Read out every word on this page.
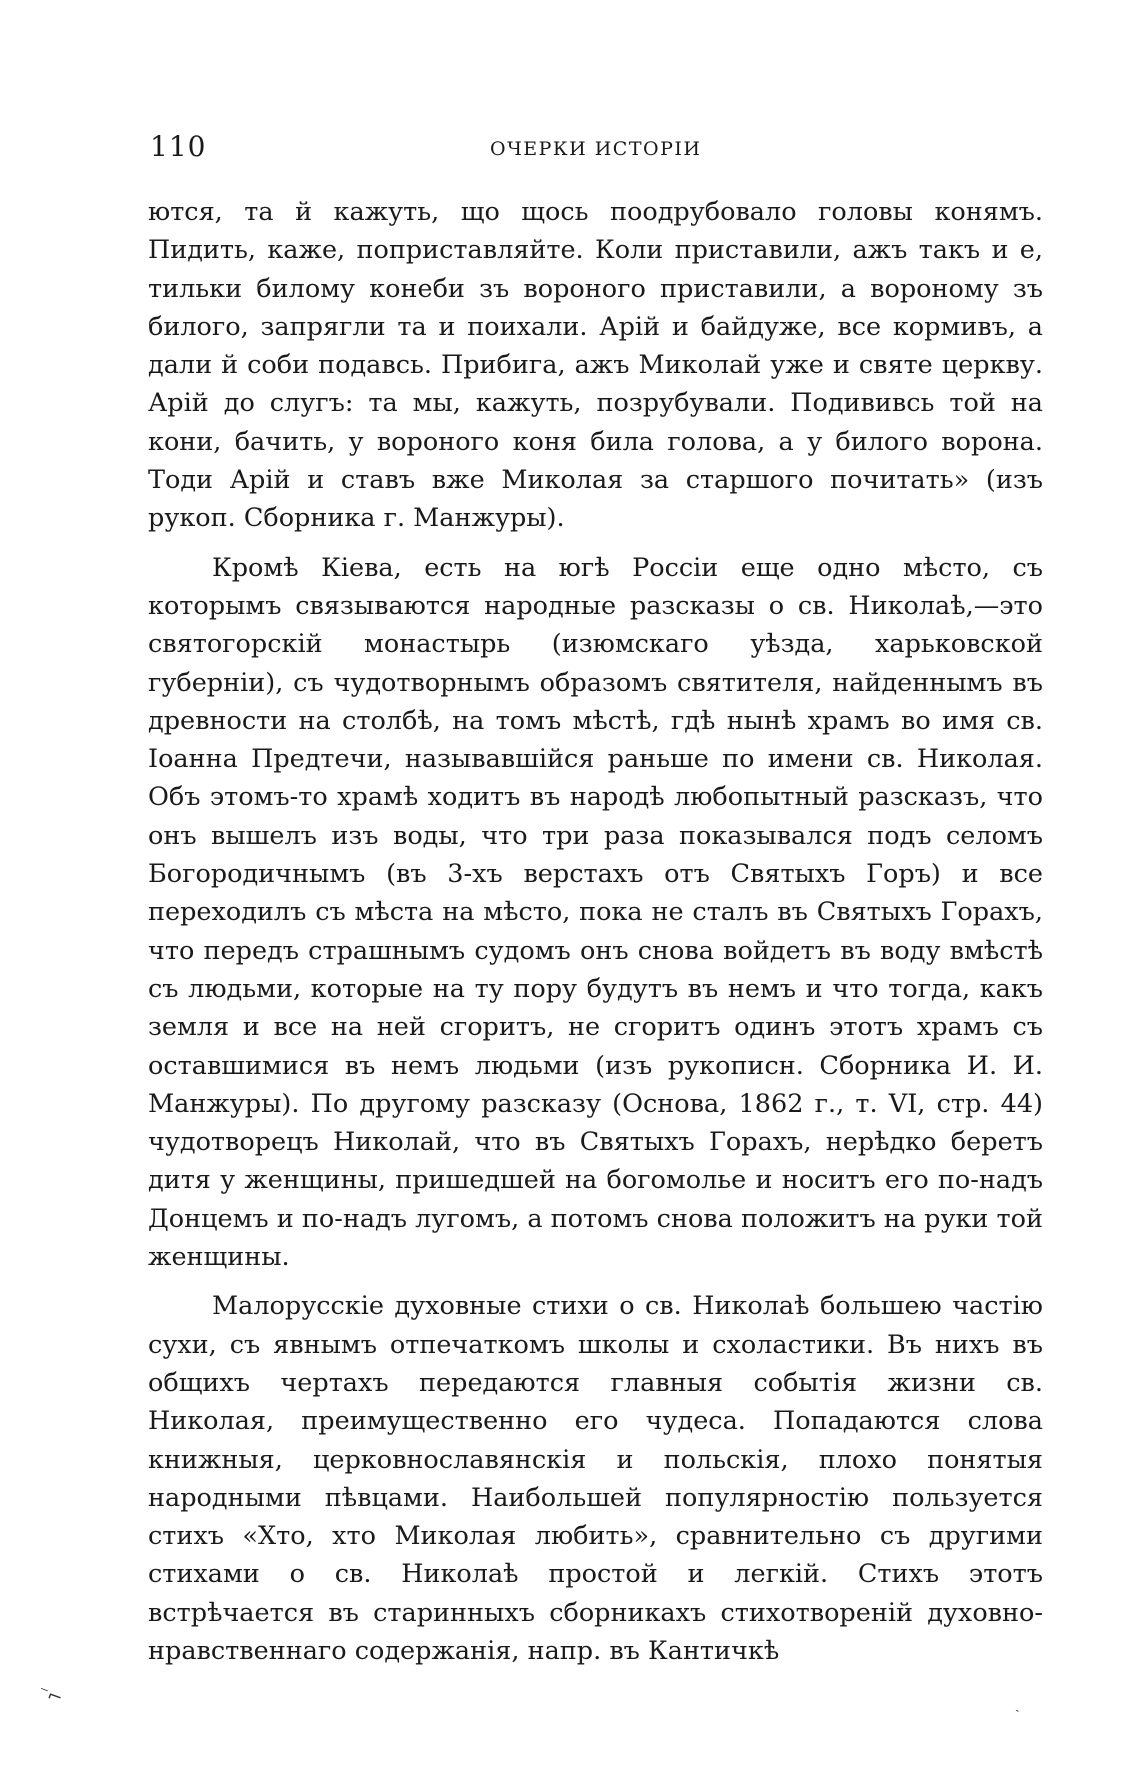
110	ОЧЕРКИ ИСТОРІИ

ются, та й кажуть, що щось поодрубовало головы конямъ. Пидить, каже, поприставляйте. Коли приставили, ажъ такъ и е, тильки билому конеби зъ вороного приставили, а вороному зъ билого, запрягли та и поихали. Арій и байдуже, все кормивъ, а дали й соби подавсь. Прибига, ажъ Миколай уже и святе церкву. Арій до слугъ: та мы, кажуть, позрубували. Подививсь той на кони, бачить, у вороного коня била голова, а у билого ворона. Тоди Арій и ставъ вже Миколая за старшого почитать» (изъ рукоп. Сборника г. Манжуры).

Кромѣ Кіева, есть на югѣ Россіи еще одно мѣсто, съ которымъ связываются народные разсказы о св. Николаѣ,—это святогорскій монастырь (изюмскаго уѣзда, харьковской губерніи), съ чудотворнымъ образомъ святителя, найденнымъ въ древности на столбѣ, на томъ мѣстѣ, гдѣ нынѣ храмъ во имя св. Іоанна Предтечи, называвшійся раньше по имени св. Николая. Объ этомъ-то храмѣ ходитъ въ народѣ любопытный разсказъ, что онъ вышелъ изъ воды, что три раза показывался подъ селомъ Богородичнымъ (въ 3-хъ верстахъ отъ Святыхъ Горъ) и все переходилъ съ мѣста на мѣсто, пока не сталъ въ Святыхъ Горахъ, что передъ страшнымъ судомъ онъ снова войдетъ въ воду вмѣстѣ съ людьми, которые на ту пору будутъ въ немъ и что тогда, какъ земля и все на ней сгоритъ, не сгоритъ одинъ этотъ храмъ съ оставшимися въ немъ людьми (изъ рукописн. Сборника И. И. Манжуры). По другому разсказу (Основа, 1862 г., т. VI, стр. 44) чудотворецъ Николай, что въ Святыхъ Горахъ, нерѣдко беретъ дитя у женщины, пришедшей на богомолье и носитъ его по-надъ Донцемъ и по-надъ лугомъ, а потомъ снова положитъ на руки той женщины.

Малорусскіе духовные стихи о св. Николаѣ большею частію сухи, съ явнымъ отпечаткомъ школы и схоластики. Въ нихъ въ общихъ чертахъ передаются главныя событія жизни св. Николая, преимущественно его чудеса. Попадаются слова книжныя, церковнославянскія и польскія, плохо понятыя народными пѣвцами. Наибольшей популярностію пользуется стихъ «Хто, хто Миколая любить», сравнительно съ другими стихами о св. Николаѣ простой и легкій. Стихъ этотъ встрѣчается въ старинныхъ сборникахъ стихотвореній духовно-нравственнаго содержанія, напр. въ Кантичкѣ

⁻⌐	ˎ
